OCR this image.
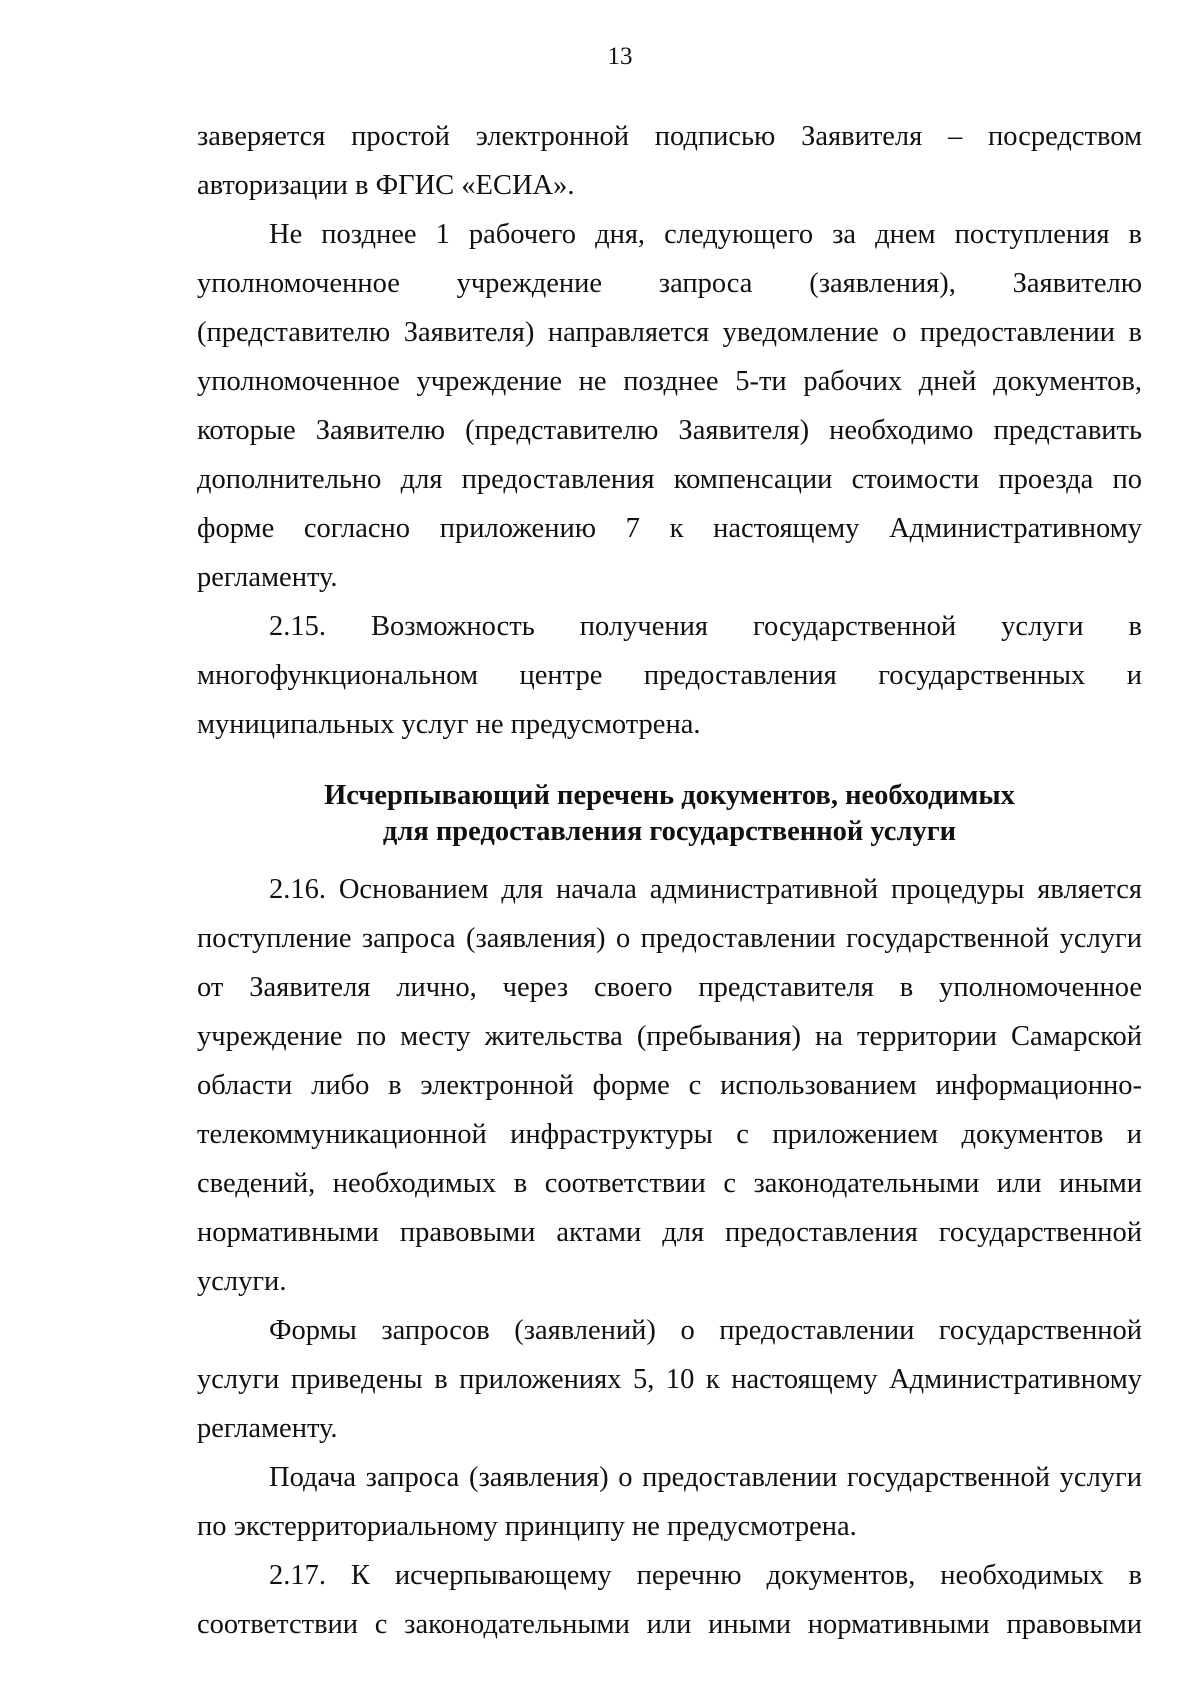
13

заверяется простой электронной подписью Заявителя – посредством авторизации в ФГИС «ЕСИА».

Не позднее 1 рабочего дня, следующего за днем поступления в уполномоченное учреждение запроса (заявления), Заявителю (представителю Заявителя) направляется уведомление о предоставлении в уполномоченное учреждение не позднее 5-ти рабочих дней документов, которые Заявителю (представителю Заявителя) необходимо представить дополнительно для предоставления компенсации стоимости проезда по форме согласно приложению 7 к настоящему Административному регламенту.

2.15. Возможность получения государственной услуги в многофункциональном центре предоставления государственных и муниципальных услуг не предусмотрена.

Исчерпывающий перечень документов, необходимых
для предоставления государственной услуги

2.16. Основанием для начала административной процедуры является поступление запроса (заявления) о предоставлении государственной услуги от Заявителя лично, через своего представителя в уполномоченное учреждение по месту жительства (пребывания) на территории Самарской области либо в электронной форме с использованием информационно-телекоммуникационной инфраструктуры с приложением документов и сведений, необходимых в соответствии с законодательными или иными нормативными правовыми актами для предоставления государственной услуги.

Формы запросов (заявлений) о предоставлении государственной услуги приведены в приложениях 5, 10 к настоящему Административному регламенту.

Подача запроса (заявления) о предоставлении государственной услуги по экстерриториальному принципу не предусмотрена.

2.17. К исчерпывающему перечню документов, необходимых в соответствии с законодательными или иными нормативными правовыми
